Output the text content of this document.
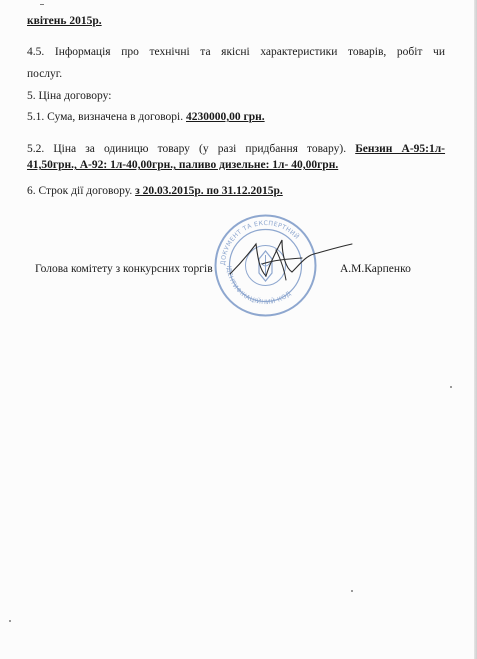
квітень 2015р.
4.5. Інформація про технічні та якісні характеристики товарів, робіт чи
послуг.
5. Ціна договору:
5.1. Сума, визначена в договорі. 4230000,00 грн.
5.2. Ціна за одиницю товару (у разі придбання товару). Бензин А-95:1л-
41,50грн., А-92: 1л-40,00грн., паливо дизельне: 1л- 40,00грн.
6. Строк дії договору. з 20.03.2015р. по 31.12.2015р.
ДОКУМЕНТ ТА ЕКСПЕРТНИЙ
ІДЕНТИФІКАЦІЙНИЙ КОД
Голова комітету з конкурсних торгів	А.М.Карпенко
